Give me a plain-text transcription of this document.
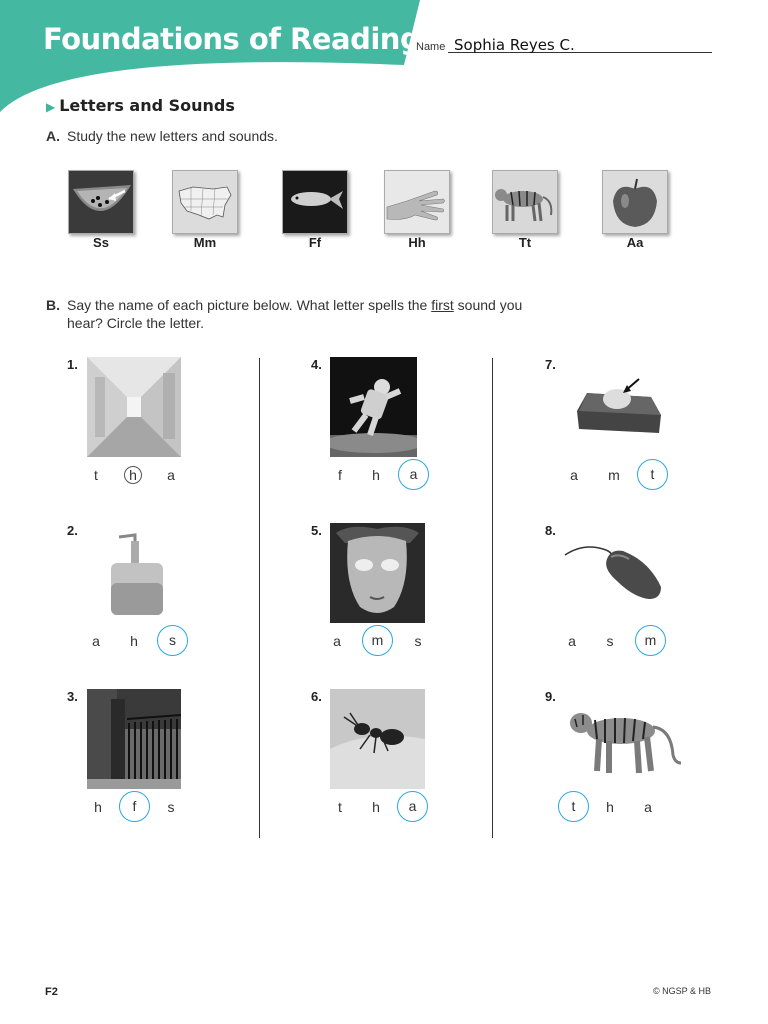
Foundations of Reading
Name Sophia Reyes C.
▶ Letters and Sounds
A. Study the new letters and sounds.
Ss	Mm	Ff	Hh	Tt	Aa
B. Say the name of each picture below. What letter spells the first sound you
hear? Circle the letter.
1.
t	h	a
2.
a	h	s
3.
h	f	s
4.
f	h	a
5.
a	m	s
6.
t	h	a
7.
a	m	t
8.
a	s	m
9.
t	h	a
F2	© NGSP & HB
